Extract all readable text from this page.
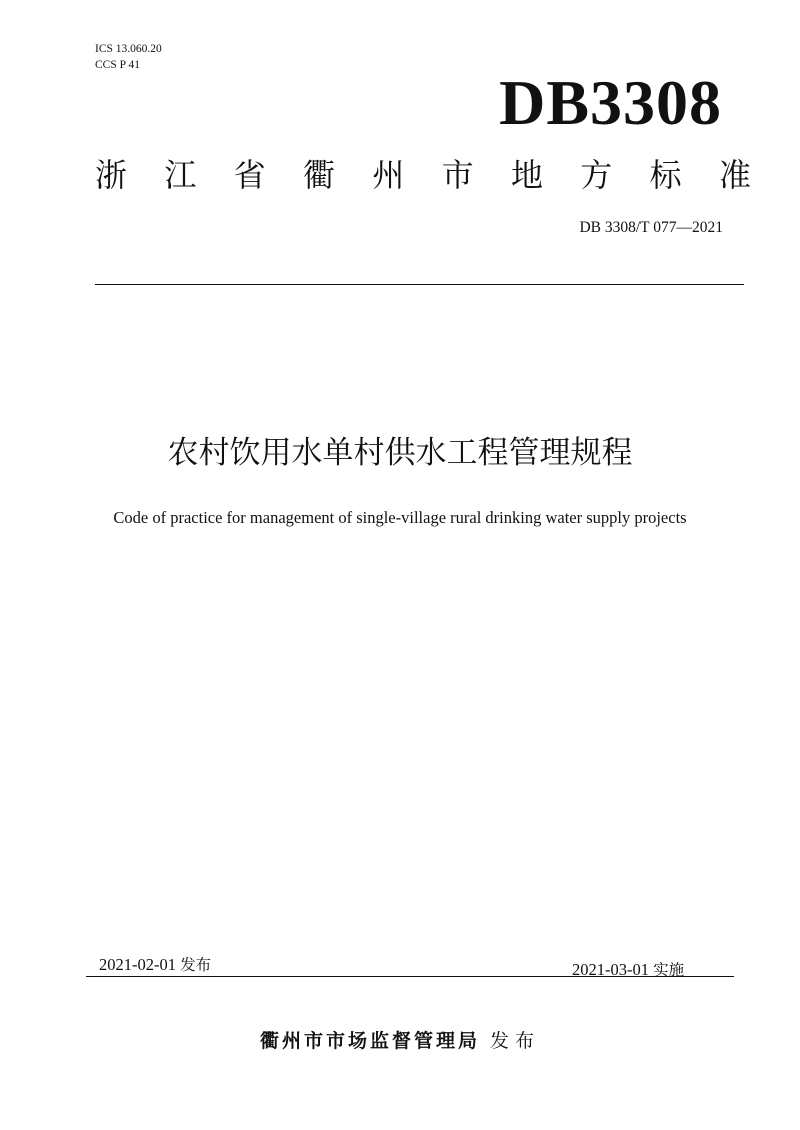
ICS 13.060.20
CCS P 41
DB3308
浙 江 省 衢 州 市 地 方 标 准
DB 3308/T 077—2021
农村饮用水单村供水工程管理规程
Code of practice for management of single-village rural drinking water supply projects
2021-02-01 发布	2021-03-01 实施
衢州市市场监督管理局 发布
